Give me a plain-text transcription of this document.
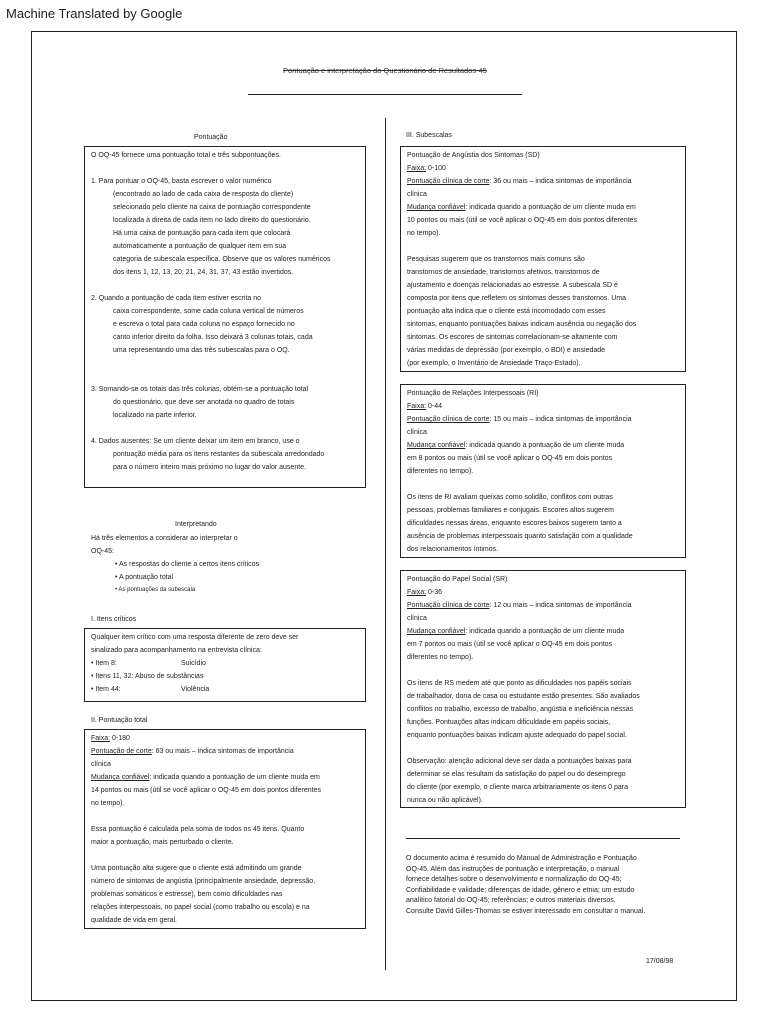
Machine Translated by Google
Pontuação e interpretação do Questionário de Resultados-45
Pontuação
O OQ-45 fornece uma pontuação total e três subpontuações.
1. Para pontuar o OQ-45, basta escrever o valor numérico
(encontrado ao lado de cada caixa de resposta do cliente)
selecionado pelo cliente na caixa de pontuação correspondente
localizada à direita de cada item no lado direito do questionário.
Há uma caixa de pontuação para cada item que colocará
automaticamente a pontuação de qualquer item em sua
categoria de subescala específica. Observe que os valores numéricos
dos itens 1, 12, 13, 20, 21, 24, 31, 37, 43 estão invertidos.
2. Quando a pontuação de cada item estiver escrita no
caixa correspondente, some cada coluna vertical de números
e escreva o total para cada coluna no espaço fornecido no
canto inferior direito da folha. Isso deixará 3 colunas totais, cada
uma representando uma das três subescalas para o OQ.
3. Somando-se os totais das três colunas, obtém-se a pontuação total
do questionário, que deve ser anotada no quadro de totais
localizado na parte inferior.
4. Dados ausentes: Se um cliente deixar um item em branco, use o
pontuação média para os itens restantes da subescala arredondado
para o número inteiro mais próximo no lugar do valor ausente.
Interpretando
Há três elementos a considerar ao interpretar o
OQ-45:
• As respostas do cliente a certos itens críticos
• A pontuação total
• As pontuações da subescala
I. Itens críticos
Qualquer item crítico com uma resposta diferente de zero deve ser
sinalizado para acompanhamento na entrevista clínica:
• Item 8:	Suicídio
• Itens 11, 32: Abuso de substâncias
• Item 44:	Violência
II. Pontuação total
Faixa: 0-180
Pontuação de corte: 63 ou mais – indica sintomas de importância
clínica
Mudança confiável: indicada quando a pontuação de um cliente muda em
14 pontos ou mais (útil se você aplicar o OQ-45 em dois pontos diferentes
no tempo).
Essa pontuação é calculada pela soma de todos os 45 itens. Quanto
maior a pontuação, mais perturbado o cliente.
Uma pontuação alta sugere que o cliente está admitindo um grande
número de sintomas de angústia (principalmente ansiedade, depressão,
problemas somáticos e estresse), bem como dificuldades nas
relações interpessoais, no papel social (como trabalho ou escola) e na
qualidade de vida em geral.
III. Subescalas
Pontuação de Angústia dos Sintomas (SD)
Faixa: 0-100
Pontuação clínica de corte: 36 ou mais – indica sintomas de importância
clínica
Mudança confiável: indicada quando a pontuação de um cliente muda em
10 pontos ou mais (útil se você aplicar o OQ-45 em dois pontos diferentes
no tempo).
Pesquisas sugerem que os transtornos mais comuns são
transtornos de ansiedade, transtornos afetivos, transtornos de
ajustamento e doenças relacionadas ao estresse. A subescala SD é
composta por itens que refletem os sintomas desses transtornos. Uma
pontuação alta indica que o cliente está incomodado com esses
sintomas, enquanto pontuações baixas indicam ausência ou negação dos
sintomas. Os escores de sintomas correlacionam-se altamente com
várias medidas de depressão (por exemplo, o BDI) e ansiedade
(por exemplo, o Inventário de Ansiedade Traço-Estado).
Pontuação de Relações Interpessoais (RI)
Faixa: 0-44
Pontuação clínica de corte: 15 ou mais – indica sintomas de importância
clínica
Mudança confiável: indicada quando a pontuação de um cliente muda
em 8 pontos ou mais (útil se você aplicar o OQ-45 em dois pontos
diferentes no tempo).
Os itens de RI avaliam queixas como solidão, conflitos com outras
pessoas, problemas familiares e conjugais. Escores altos sugerem
dificuldades nessas áreas, enquanto escores baixos sugerem tanto a
ausência de problemas interpessoais quanto satisfação com a qualidade
dos relacionamentos íntimos.
Pontuação do Papel Social (SR)
Faixa: 0-36
Pontuação clínica de corte: 12 ou mais – indica sintomas de importância
clínica
Mudança confiável: indicada quando a pontuação de um cliente muda
em 7 pontos ou mais (útil se você aplicar o OQ-45 em dois pontos
diferentes no tempo).
Os itens de RS medem até que ponto as dificuldades nos papéis sociais
de trabalhador, dona de casa ou estudante estão presentes. São avaliados
conflitos no trabalho, excesso de trabalho, angústia e ineficiência nessas
funções. Pontuações altas indicam dificuldade em papéis sociais,
enquanto pontuações baixas indicam ajuste adequado do papel social.
Observação: atenção adicional deve ser dada a pontuações baixas para
determinar se elas resultam da satisfação do papel ou do desemprego
do cliente (por exemplo, o cliente marca arbitrariamente os itens 0 para
nunca ou não aplicável).
O documento acima é resumido do Manual de Administração e Pontuação
OQ-45. Além das instruções de pontuação e interpretação, o manual
fornece detalhes sobre o desenvolvimento e normalização do OQ-45;
Confiabilidade e validade; diferenças de idade, gênero e etnia; um estudo
analítico fatorial do OQ-45; referências; e outros materiais diversos.
Consulte David Gilles-Thomas se estiver interessado em consultar o manual.
17/08/98
